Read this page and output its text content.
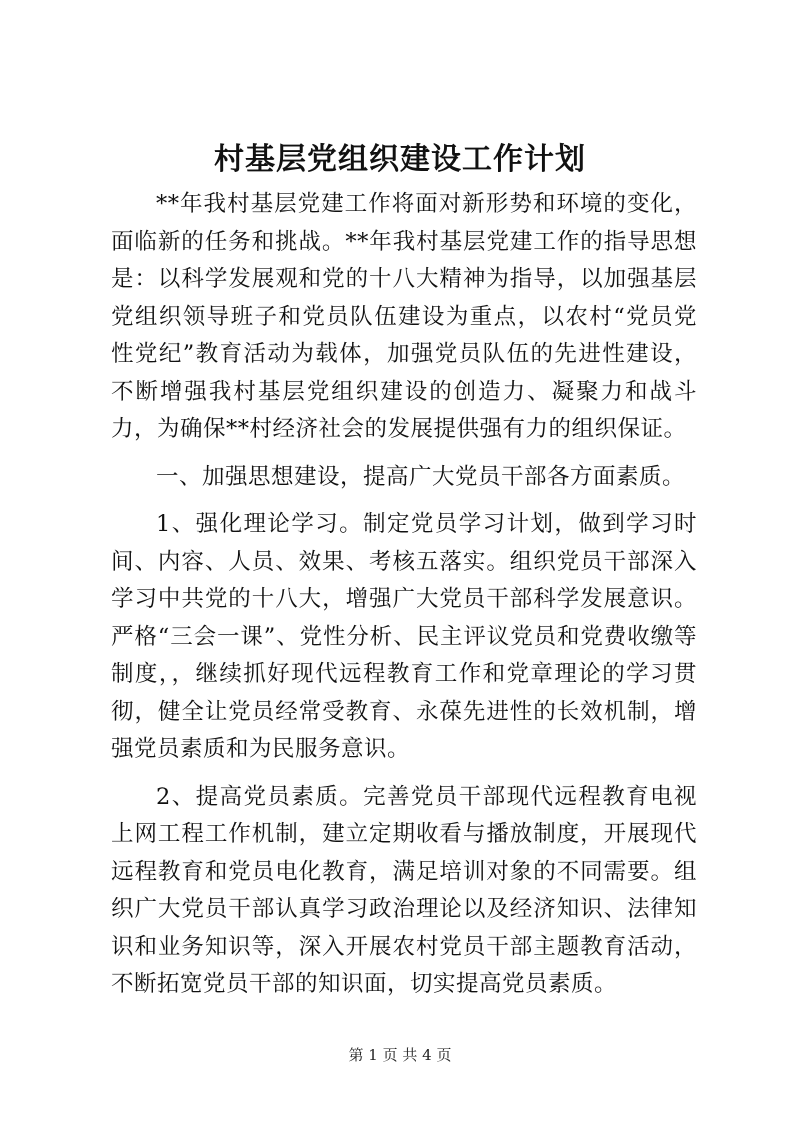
村基层党组织建设工作计划

**年我村基层党建工作将面对新形势和环境的变化，面临新的任务和挑战。**年我村基层党建工作的指导思想是：以科学发展观和党的十八大精神为指导，以加强基层党组织领导班子和党员队伍建设为重点，以农村“党员党性党纪”教育活动为载体，加强党员队伍的先进性建设，不断增强我村基层党组织建设的创造力、凝聚力和战斗力，为确保**村经济社会的发展提供强有力的组织保证。

一、加强思想建设，提高广大党员干部各方面素质。

1、强化理论学习。制定党员学习计划，做到学习时间、内容、人员、效果、考核五落实。组织党员干部深入学习中共党的十八大，增强广大党员干部科学发展意识。严格“三会一课”、党性分析、民主评议党员和党费收缴等制度，，继续抓好现代远程教育工作和党章理论的学习贯彻，健全让党员经常受教育、永葆先进性的长效机制，增强党员素质和为民服务意识。

2、提高党员素质。完善党员干部现代远程教育电视上网工程工作机制，建立定期收看与播放制度，开展现代远程教育和党员电化教育，满足培训对象的不同需要。组织广大党员干部认真学习政治理论以及经济知识、法律知识和业务知识等，深入开展农村党员干部主题教育活动，不断拓宽党员干部的知识面，切实提高党员素质。

第 1 页 共 4 页
